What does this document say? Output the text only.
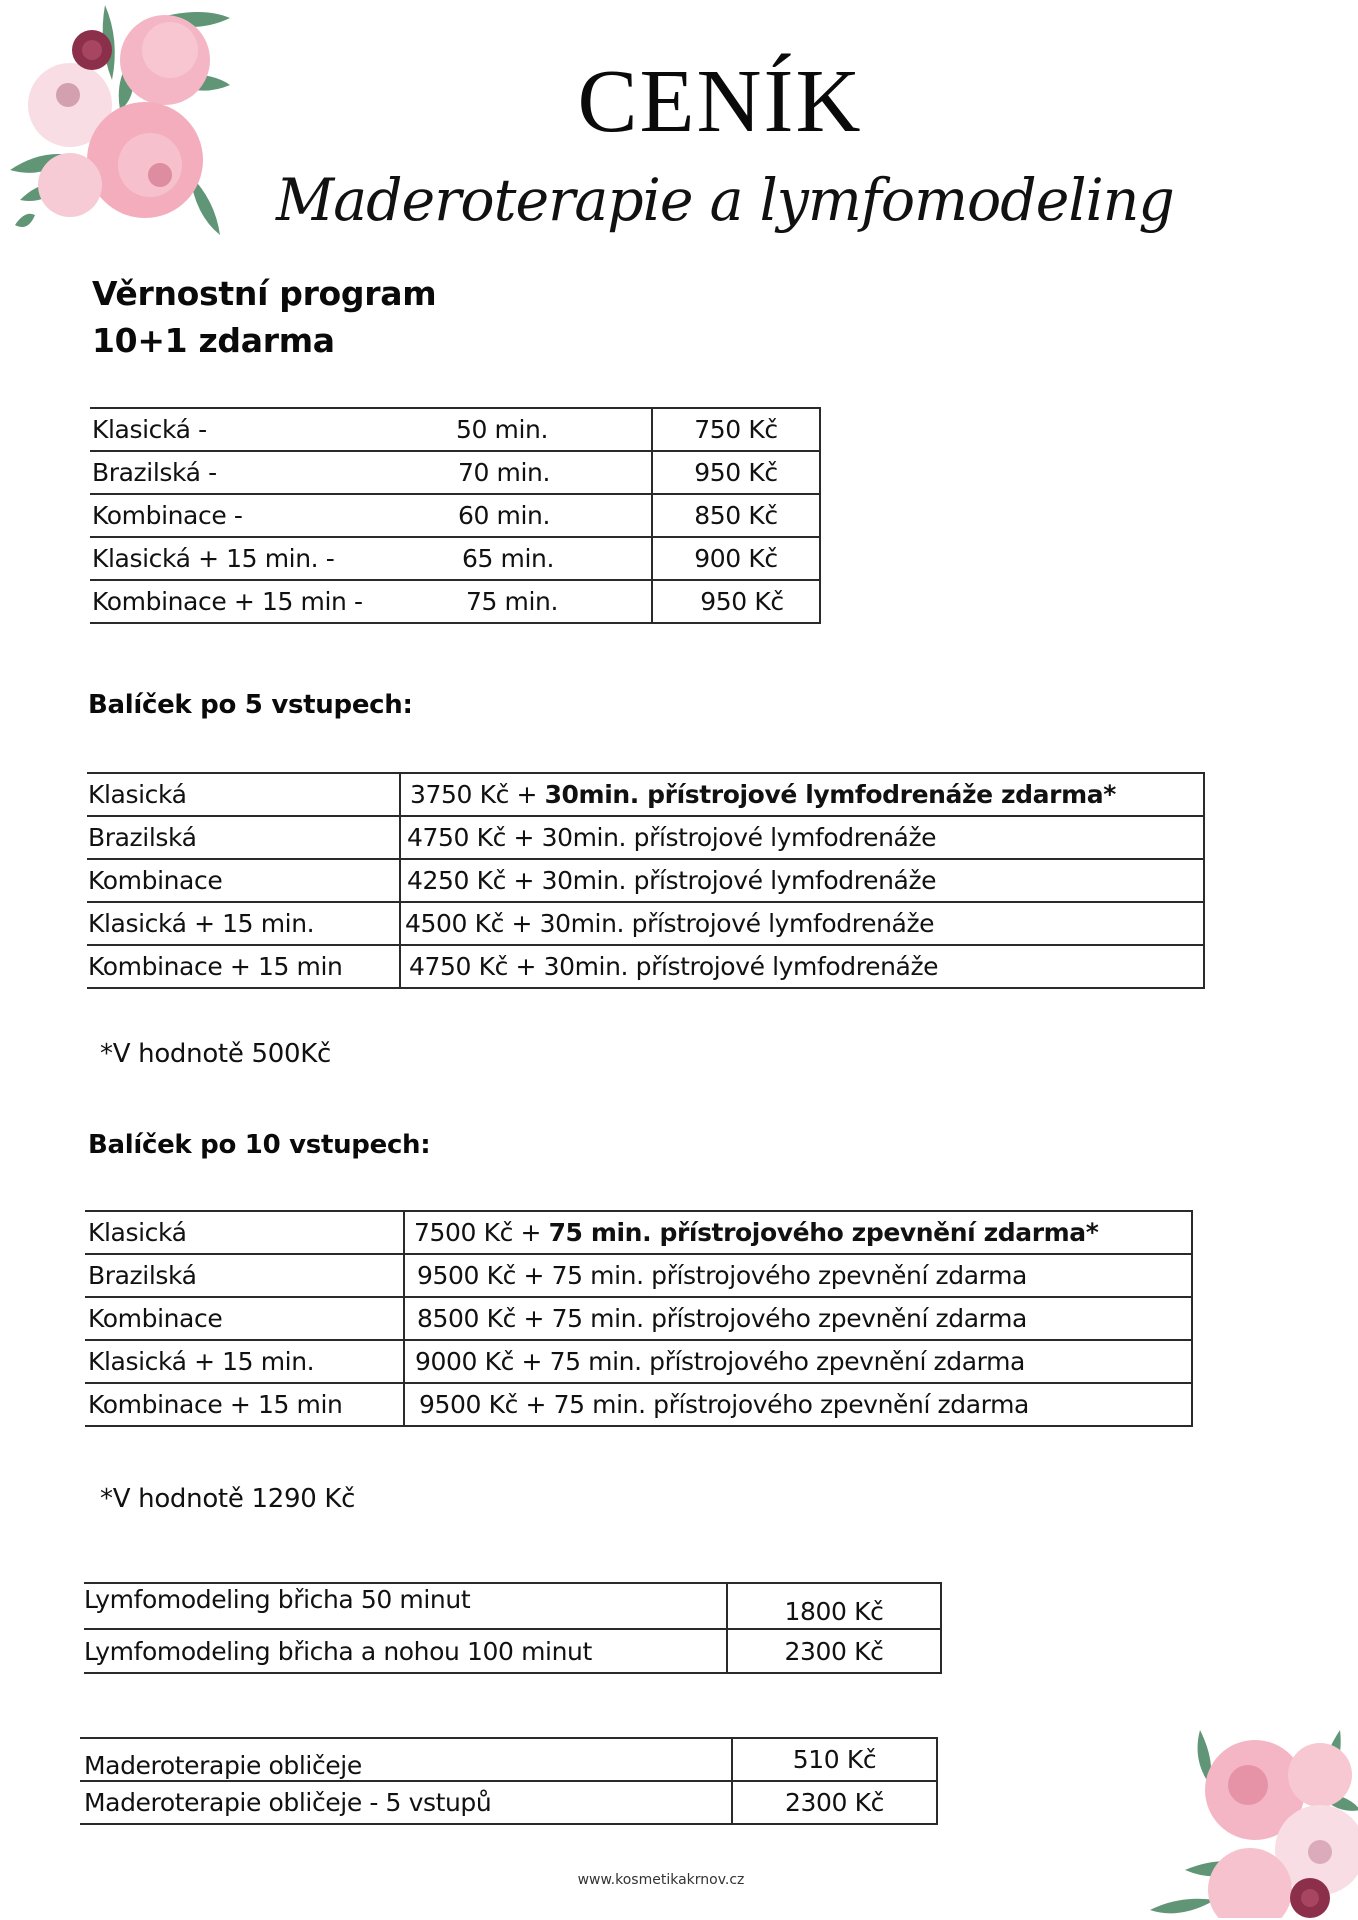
CENÍK
Maderoterapie a lymfomodeling
Věrnostní program
10+1 zdarma
Klasická -	50 min.	750 Kč
Brazilská -	70 min.	950 Kč
Kombinace -	60 min.	850 Kč
Klasická + 15 min. -	65 min.	900 Kč
Kombinace + 15 min -	75 min.	950 Kč
Balíček po 5 vstupech:
Klasická	3750 Kč + 30min. přístrojové lymfodrenáže zdarma*
Brazilská	4750 Kč + 30min. přístrojové lymfodrenáže
Kombinace	4250 Kč + 30min. přístrojové lymfodrenáže
Klasická + 15 min.	4500 Kč + 30min. přístrojové lymfodrenáže
Kombinace + 15 min	4750 Kč + 30min. přístrojové lymfodrenáže
*V hodnotě 500Kč
Balíček po 10 vstupech:
Klasická	7500 Kč + 75 min. přístrojového zpevnění zdarma*
Brazilská	9500 Kč + 75 min. přístrojového zpevnění zdarma
Kombinace	8500 Kč + 75 min. přístrojového zpevnění zdarma
Klasická + 15 min.	9000 Kč + 75 min. přístrojového zpevnění zdarma
Kombinace + 15 min	9500 Kč + 75 min. přístrojového zpevnění zdarma
*V hodnotě 1290 Kč
Lymfomodeling břicha 50 minut	1800 Kč
Lymfomodeling břicha a nohou 100 minut	2300 Kč
Maderoterapie obličeje	510 Kč
Maderoterapie obličeje - 5 vstupů	2300 Kč
www.kosmetikakrnov.cz
